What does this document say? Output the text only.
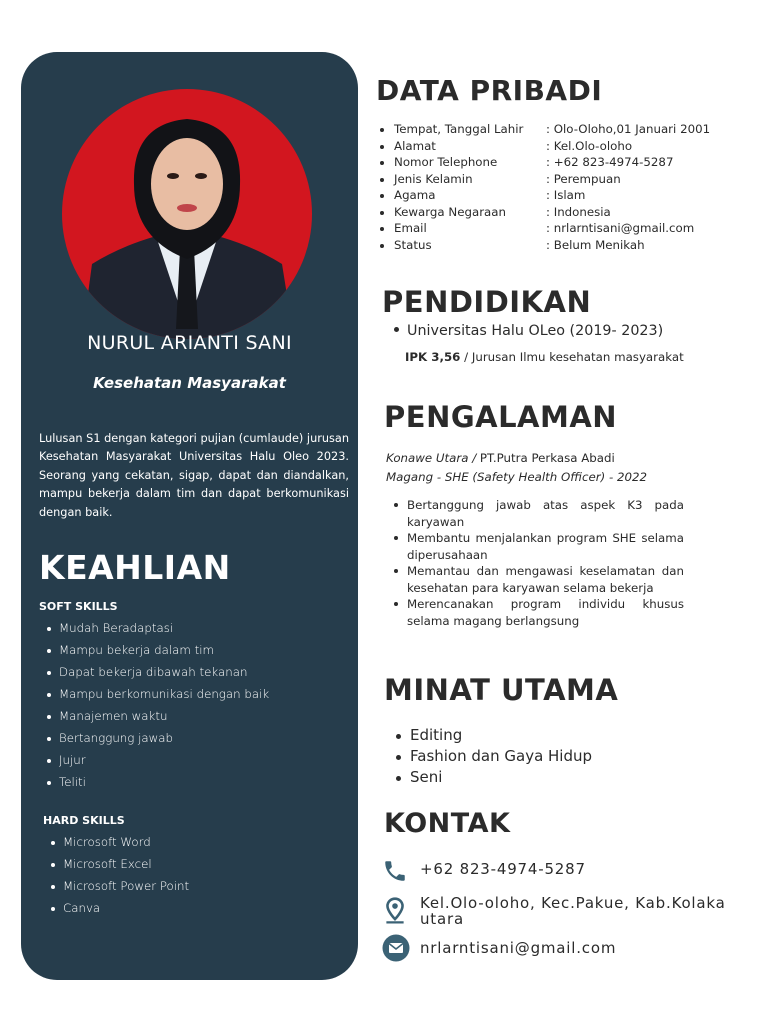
NURUL ARIANTI SANI
Kesehatan Masyarakat
Lulusan S1 dengan kategori pujian (cumlaude) jurusan Kesehatan Masyarakat Universitas Halu Oleo 2023. Seorang yang cekatan, sigap, dapat dan diandalkan, mampu bekerja dalam tim dan dapat berkomunikasi dengan baik.
KEAHLIAN
SOFT SKILLS
Mudah Beradaptasi
Mampu bekerja dalam tim
Dapat bekerja dibawah tekanan
Mampu berkomunikasi dengan baik
Manajemen waktu
Bertanggung jawab
Jujur
Teliti
HARD SKILLS
Microsoft Word
Microsoft Excel
Microsoft Power Point
Canva
DATA PRIBADI
Tempat, Tanggal Lahir : Olo-Oloho,01 Januari 2001
Alamat	: Kel.Olo-oloho
Nomor Telephone	: +62 823-4974-5287
Jenis Kelamin	: Perempuan
Agama	: Islam
Kewarga Negaraan	: Indonesia
Email	: nrlarntisani@gmail.com
Status	: Belum Menikah
PENDIDIKAN
Universitas Halu OLeo (2019- 2023)
IPK 3,56 / Jurusan Ilmu kesehatan masyarakat
PENGALAMAN
Konawe Utara / PT.Putra Perkasa Abadi
Magang - SHE (Safety Health Officer) - 2022
Bertanggung jawab atas aspek K3 pada karyawan
Membantu menjalankan program SHE selama diperusahaan
Memantau dan mengawasi keselamatan dan kesehatan para karyawan selama bekerja
Merencanakan program individu khusus selama magang berlangsung
MINAT UTAMA
Editing
Fashion dan Gaya Hidup
Seni
KONTAK
+62 823-4974-5287
Kel.Olo-oloho, Kec.Pakue, Kab.Kolaka utara
nrlarntisani@gmail.com
